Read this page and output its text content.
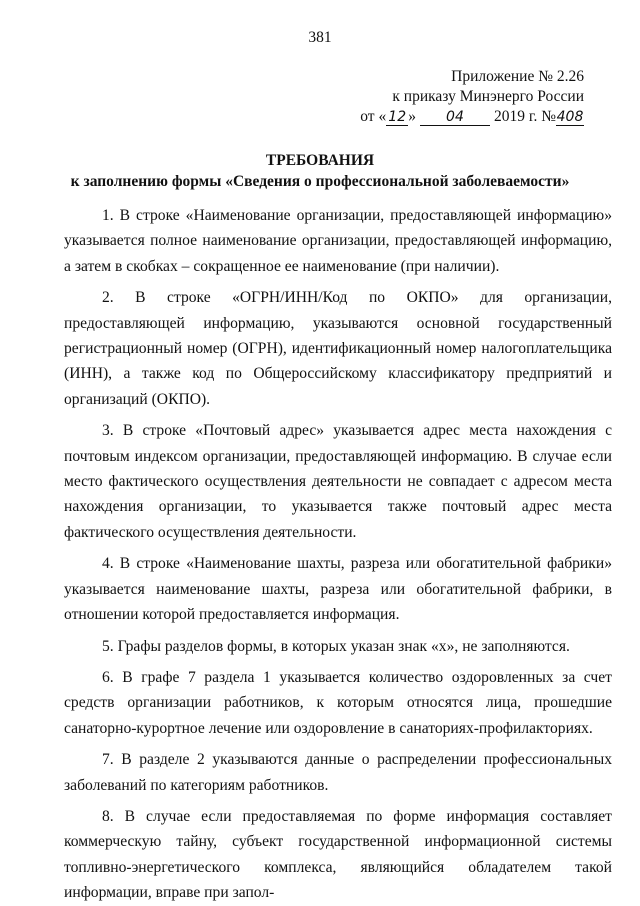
381
Приложение № 2.26
к приказу Минэнерго России
от « 12 » 04 2019 г. №408
ТРЕБОВАНИЯ
к заполнению формы «Сведения о профессиональной заболеваемости»

1. В строке «Наименование организации, предоставляющей информацию» указывается полное наименование организации, предоставляющей информацию, а затем в скобках – сокращенное ее наименование (при наличии).

2. В строке «ОГРН/ИНН/Код по ОКПО» для организации, предоставляющей информацию, указываются основной государственный регистрационный номер (ОГРН), идентификационный номер налогоплательщика (ИНН), а также код по Общероссийскому классификатору предприятий и организаций (ОКПО).

3. В строке «Почтовый адрес» указывается адрес места нахождения с почтовым индексом организации, предоставляющей информацию. В случае если место фактического осуществления деятельности не совпадает с адресом места нахождения организации, то указывается также почтовый адрес места фактического осуществления деятельности.

4. В строке «Наименование шахты, разреза или обогатительной фабрики» указывается наименование шахты, разреза или обогатительной фабрики, в отношении которой предоставляется информация.

5. Графы разделов формы, в которых указан знак «х», не заполняются.

6. В графе 7 раздела 1 указывается количество оздоровленных за счет средств организации работников, к которым относятся лица, прошедшие санаторно-курортное лечение или оздоровление в санаториях-профилакториях.

7. В разделе 2 указываются данные о распределении профессиональных заболеваний по категориям работников.

8. В случае если предоставляемая по форме информация составляет коммерческую тайну, субъект государственной информационной системы топливно-энергетического комплекса, являющийся обладателем такой информации, вправе при запол-
